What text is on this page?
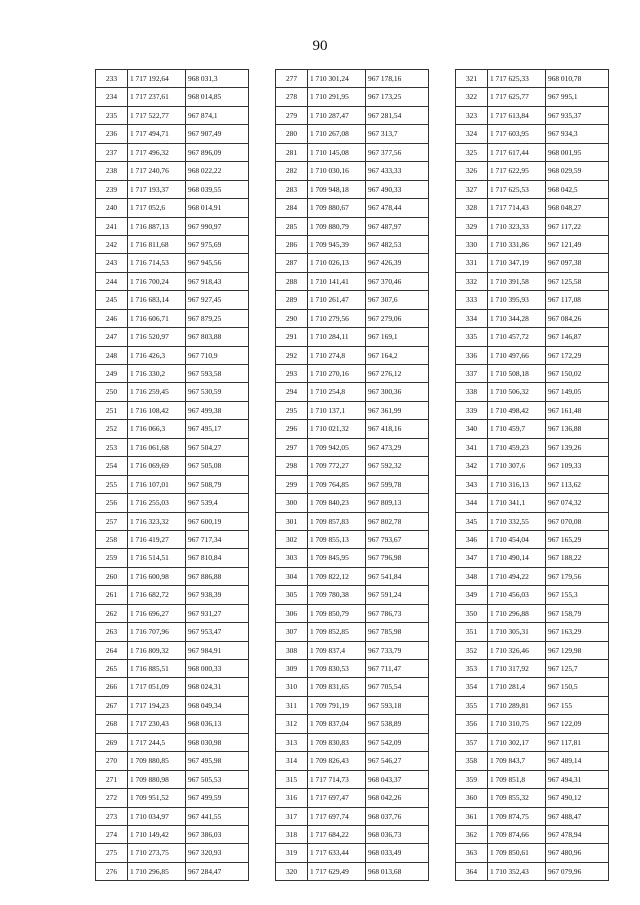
90
233	1 717 192,64	968 031,3
234	1 717 237,61	968 014,85
235	1 717 522,77	967 874,1
236	1 717 494,71	967 907,49
237	1 717 496,32	967 896,09
238	1 717 240,76	968 022,22
239	1 717 193,37	968 039,55
240	1 717 052,6	968 014,91
241	1 716 887,13	967 990,97
242	1 716 811,68	967 975,69
243	1 716 714,53	967 945,56
244	1 716 700,24	967 918,43
245	1 716 683,14	967 927,45
246	1 716 606,71	967 879,25
247	1 716 520,97	967 803,88
248	1 716 426,3	967 710,9
249	1 716 330,2	967 593,58
250	1 716 259,45	967 530,59
251	1 716 108,42	967 499,38
252	1 716 066,3	967 495,17
253	1 716 061,68	967 504,27
254	1 716 069,69	967 505,08
255	1 716 107,01	967 508,79
256	1 716 255,03	967 539,4
257	1 716 323,32	967 600,19
258	1 716 419,27	967 717,34
259	1 716 514,51	967 810,84
260	1 716 600,98	967 886,88
261	1 716 682,72	967 938,39
262	1 716 696,27	967 931,27
263	1 716 707,96	967 953,47
264	1 716 809,32	967 984,91
265	1 716 885,51	968 000,33
266	1 717 051,09	968 024,31
267	1 717 194,23	968 049,34
268	1 717 230,43	968 036,13
269	1 717 244,5	968 030,98
270	1 709 880,85	967 495,98
271	1 709 880,98	967 505,53
272	1 709 951,52	967 499,59
273	1 710 034,97	967 441,55
274	1 710 149,42	967 386,03
275	1 710 273,75	967 320,93
276	1 710 296,85	967 284,47
277	1 710 301,24	967 178,16
278	1 710 291,95	967 173,25
279	1 710 287,47	967 281,54
280	1 710 267,08	967 313,7
281	1 710 145,08	967 377,56
282	1 710 030,16	967 433,33
283	1 709 948,18	967 490,33
284	1 709 880,67	967 478,44
285	1 709 880,79	967 487,97
286	1 709 945,39	967 482,53
287	1 710 026,13	967 426,39
288	1 710 141,41	967 370,46
289	1 710 261,47	967 307,6
290	1 710 279,56	967 279,06
291	1 710 284,11	967 169,1
292	1 710 274,8	967 164,2
293	1 710 270,16	967 276,12
294	1 710 254,8	967 300,36
295	1 710 137,1	967 361,99
296	1 710 021,32	967 418,16
297	1 709 942,05	967 473,29
298	1 709 772,27	967 592,32
299	1 709 764,85	967 599,78
300	1 709 840,23	967 809,13
301	1 709 857,83	967 802,78
302	1 709 855,13	967 793,67
303	1 709 845,95	967 796,98
304	1 709 822,12	967 541,84
305	1 709 780,38	967 591,24
306	1 709 850,79	967 786,73
307	1 709 852,85	967 785,98
308	1 709 837,4	967 733,79
309	1 709 830,53	967 711,47
310	1 709 831,65	967 705,54
311	1 709 791,19	967 593,18
312	1 709 837,04	967 538,89
313	1 709 830,83	967 542,09
314	1 709 826,43	967 546,27
315	1 717 714,73	968 043,37
316	1 717 697,47	968 042,26
317	1 717 697,74	968 037,76
318	1 717 684,22	968 036,73
319	1 717 633,44	968 033,49
320	1 717 629,49	968 013,68
321	1 717 625,33	968 010,78
322	1 717 625,77	967 995,1
323	1 717 613,84	967 935,37
324	1 717 603,95	967 934,3
325	1 717 617,44	968 001,95
326	1 717 622,95	968 029,59
327	1 717 625,53	968 042,5
328	1 717 714,43	968 048,27
329	1 710 323,33	967 117,22
330	1 710 331,86	967 121,49
331	1 710 347,19	967 097,38
332	1 710 391,58	967 125,58
333	1 710 395,93	967 117,08
334	1 710 344,28	967 084,26
335	1 710 457,72	967 146,87
336	1 710 497,66	967 172,29
337	1 710 508,18	967 150,02
338	1 710 506,32	967 149,05
339	1 710 498,42	967 161,48
340	1 710 459,7	967 136,88
341	1 710 459,23	967 139,26
342	1 710 307,6	967 109,33
343	1 710 316,13	967 113,62
344	1 710 341,1	967 074,32
345	1 710 332,55	967 070,08
346	1 710 454,04	967 165,29
347	1 710 490,14	967 188,22
348	1 710 494,22	967 179,56
349	1 710 456,03	967 155,3
350	1 710 296,88	967 158,79
351	1 710 305,31	967 163,29
352	1 710 326,46	967 129,98
353	1 710 317,92	967 125,7
354	1 710 281,4	967 150,5
355	1 710 289,81	967 155
356	1 710 310,75	967 122,09
357	1 710 302,17	967 117,81
358	1 709 843,7	967 489,14
359	1 709 851,8	967 494,31
360	1 709 855,32	967 490,12
361	1 709 874,75	967 488,47
362	1 709 874,66	967 478,94
363	1 709 850,61	967 480,96
364	1 710 352,43	967 079,96
